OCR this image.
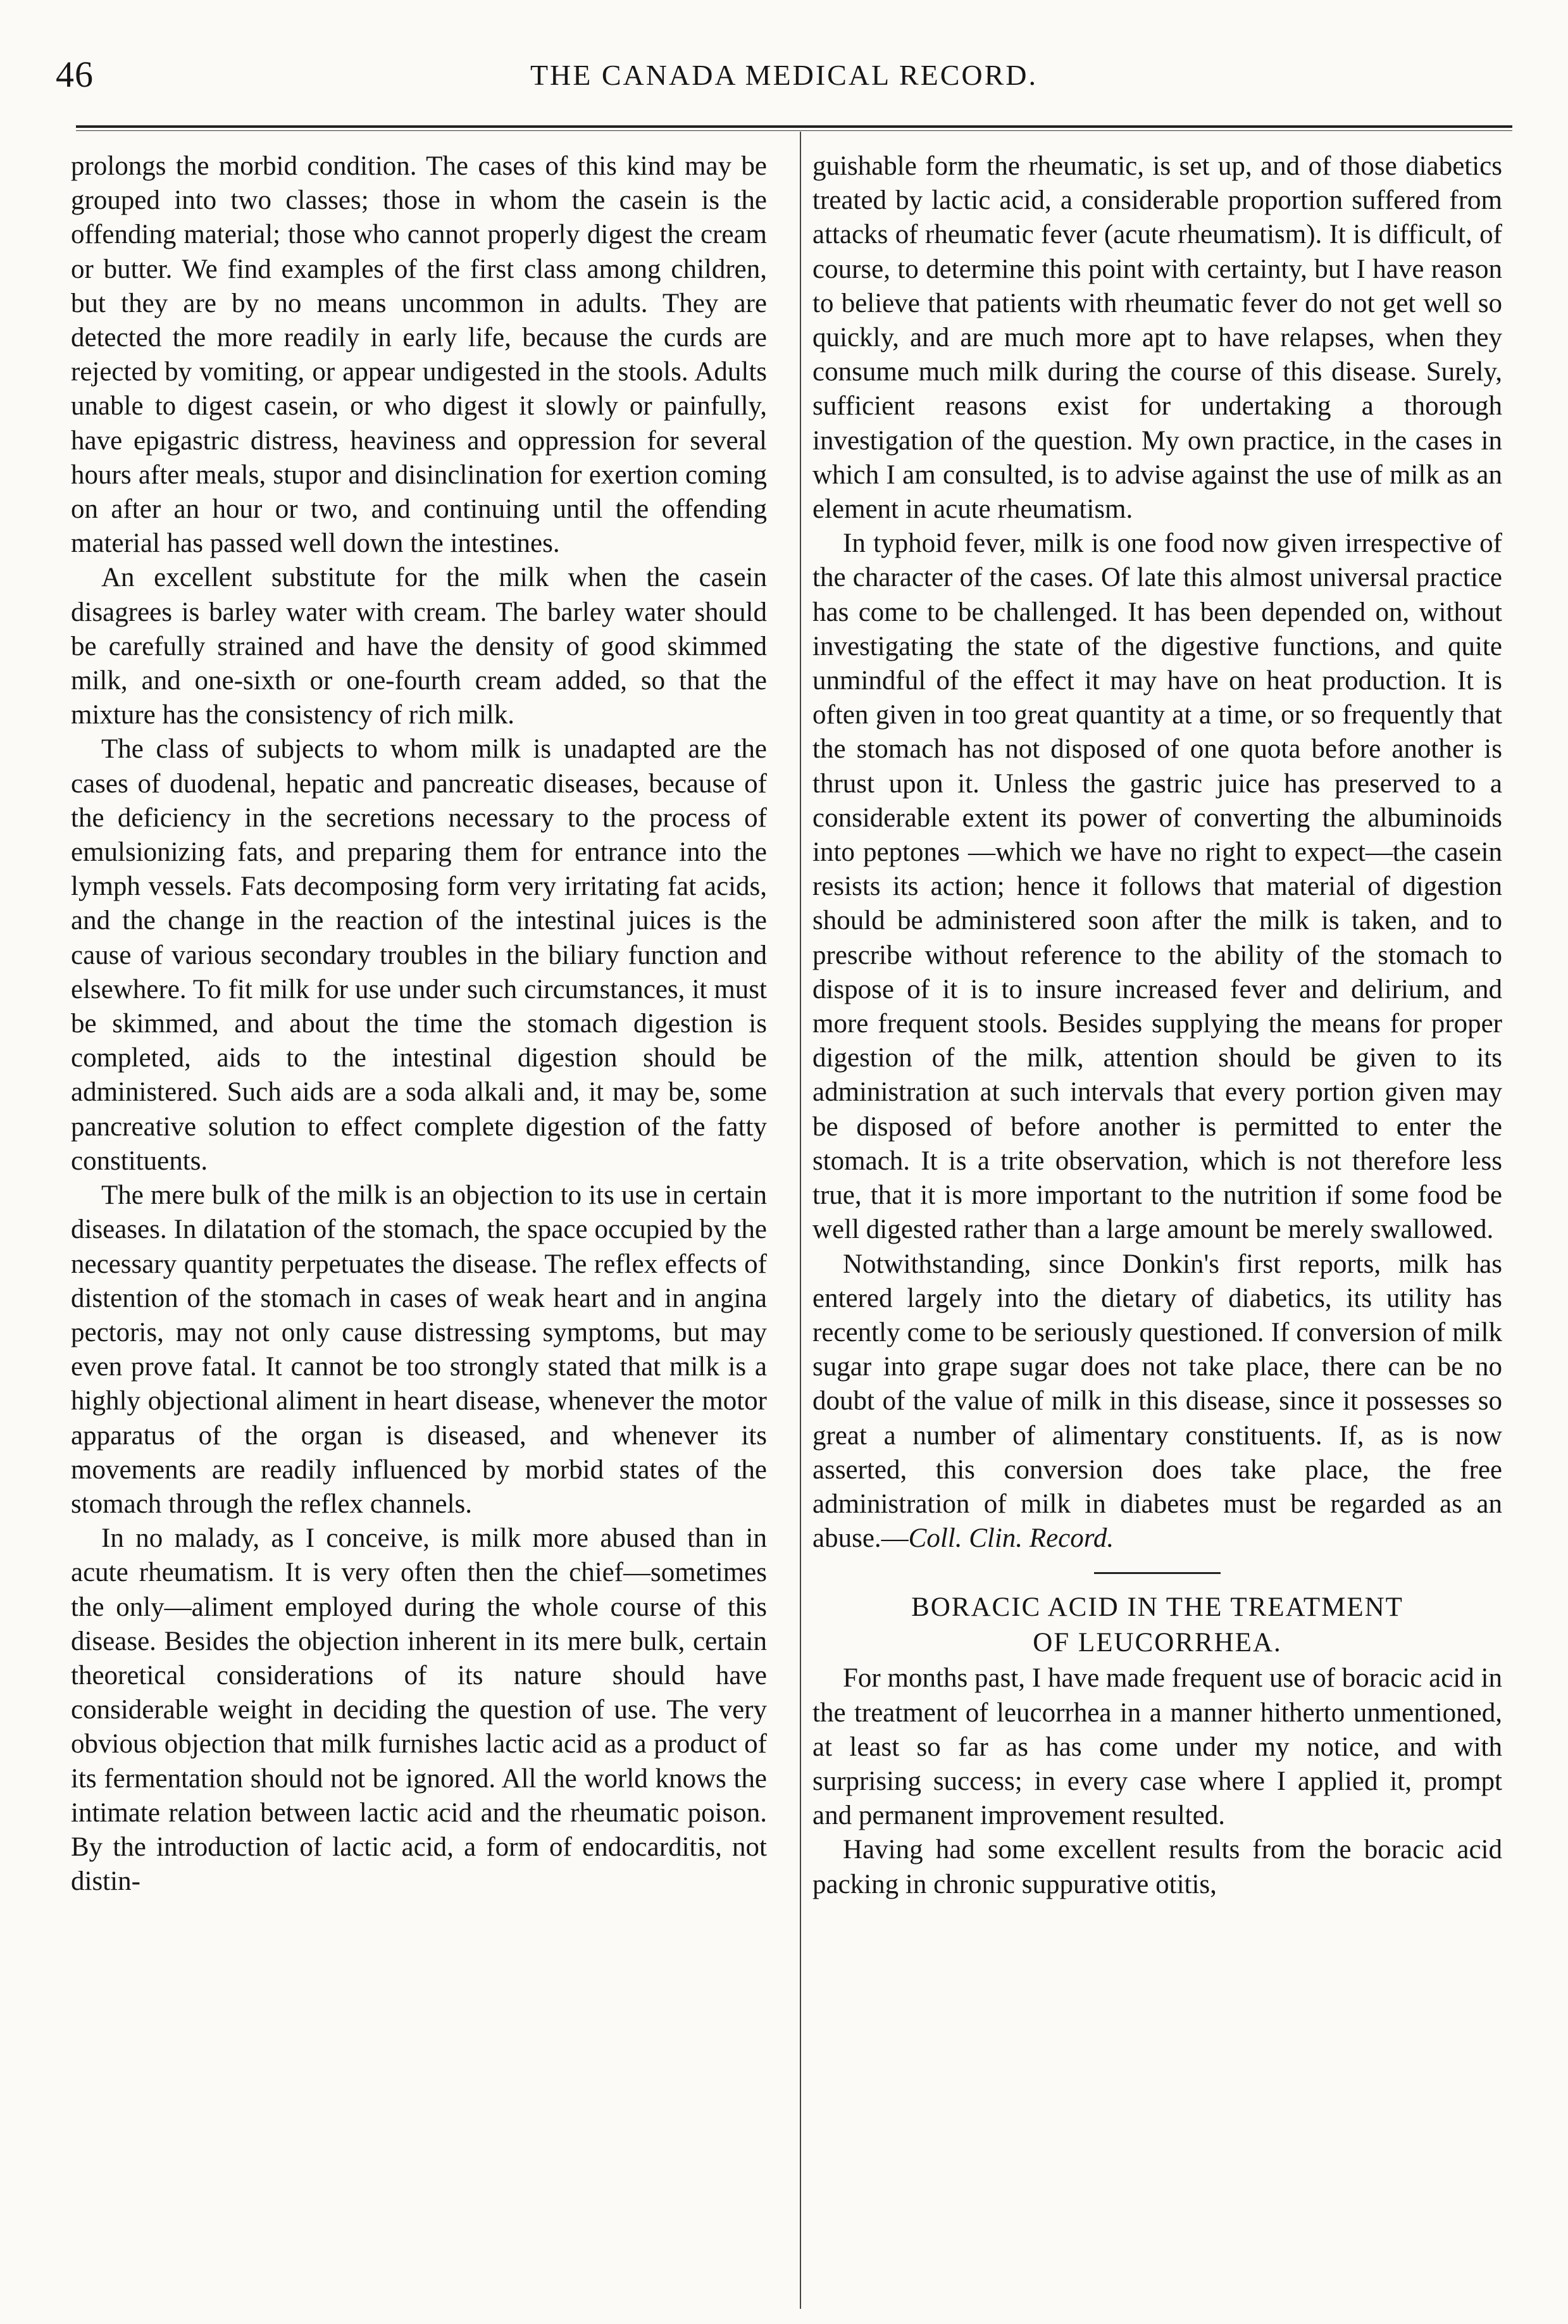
46	THE CANADA MEDICAL RECORD.

prolongs the morbid condition. The cases of this kind may be grouped into two classes; those in whom the casein is the offending material; those who cannot properly digest the cream or butter. We find examples of the first class among children, but they are by no means uncommon in adults. They are detected the more readily in early life, because the curds are rejected by vomiting, or appear undigested in the stools. Adults unable to digest casein, or who digest it slowly or painfully, have epigastric distress, heaviness and oppression for several hours after meals, stupor and disinclination for exertion coming on after an hour or two, and continuing until the offending material has passed well down the intestines.

An excellent substitute for the milk when the casein disagrees is barley water with cream. The barley water should be carefully strained and have the density of good skimmed milk, and one-sixth or one-fourth cream added, so that the mixture has the consistency of rich milk.

The class of subjects to whom milk is unadapted are the cases of duodenal, hepatic and pancreatic diseases, because of the deficiency in the secretions necessary to the process of emulsionizing fats, and preparing them for entrance into the lymph vessels. Fats decomposing form very irritating fat acids, and the change in the reaction of the intestinal juices is the cause of various secondary troubles in the biliary function and elsewhere. To fit milk for use under such circumstances, it must be skimmed, and about the time the stomach digestion is completed, aids to the intestinal digestion should be administered. Such aids are a soda alkali and, it may be, some pancreative solution to effect complete digestion of the fatty constituents.

The mere bulk of the milk is an objection to its use in certain diseases. In dilatation of the stomach, the space occupied by the necessary quantity perpetuates the disease. The reflex effects of distention of the stomach in cases of weak heart and in angina pectoris, may not only cause distressing symptoms, but may even prove fatal. It cannot be too strongly stated that milk is a highly objectional aliment in heart disease, whenever the motor apparatus of the organ is diseased, and whenever its movements are readily influenced by morbid states of the stomach through the reflex channels.

In no malady, as I conceive, is milk more abused than in acute rheumatism. It is very often then the chief—sometimes the only—aliment employed during the whole course of this disease. Besides the objection inherent in its mere bulk, certain theoretical considerations of its nature should have considerable weight in deciding the question of use. The very obvious objection that milk furnishes lactic acid as a product of its fermentation should not be ignored. All the world knows the intimate relation between lactic acid and the rheumatic poison. By the introduction of lactic acid, a form of endocarditis, not distin-

guishable form the rheumatic, is set up, and of those diabetics treated by lactic acid, a considerable proportion suffered from attacks of rheumatic fever (acute rheumatism). It is difficult, of course, to determine this point with certainty, but I have reason to believe that patients with rheumatic fever do not get well so quickly, and are much more apt to have relapses, when they consume much milk during the course of this disease. Surely, sufficient reasons exist for undertaking a thorough investigation of the question. My own practice, in the cases in which I am consulted, is to advise against the use of milk as an element in acute rheumatism.

In typhoid fever, milk is one food now given irrespective of the character of the cases. Of late this almost universal practice has come to be challenged. It has been depended on, without investigating the state of the digestive functions, and quite unmindful of the effect it may have on heat production. It is often given in too great quantity at a time, or so frequently that the stomach has not disposed of one quota before another is thrust upon it. Unless the gastric juice has preserved to a considerable extent its power of converting the albuminoids into peptones —which we have no right to expect—the casein resists its action; hence it follows that material of digestion should be administered soon after the milk is taken, and to prescribe without reference to the ability of the stomach to dispose of it is to insure increased fever and delirium, and more frequent stools. Besides supplying the means for proper digestion of the milk, attention should be given to its administration at such intervals that every portion given may be disposed of before another is permitted to enter the stomach. It is a trite observation, which is not therefore less true, that it is more important to the nutrition if some food be well digested rather than a large amount be merely swallowed.

Notwithstanding, since Donkin's first reports, milk has entered largely into the dietary of diabetics, its utility has recently come to be seriously questioned. If conversion of milk sugar into grape sugar does not take place, there can be no doubt of the value of milk in this disease, since it possesses so great a number of alimentary constituents. If, as is now asserted, this conversion does take place, the free administration of milk in diabetes must be regarded as an abuse.—Coll. Clin. Record.

BORACIC ACID IN THE TREATMENT
OF LEUCORRHEA.

For months past, I have made frequent use of boracic acid in the treatment of leucorrhea in a manner hitherto unmentioned, at least so far as has come under my notice, and with surprising success; in every case where I applied it, prompt and permanent improvement resulted.

Having had some excellent results from the boracic acid packing in chronic suppurative otitis,
